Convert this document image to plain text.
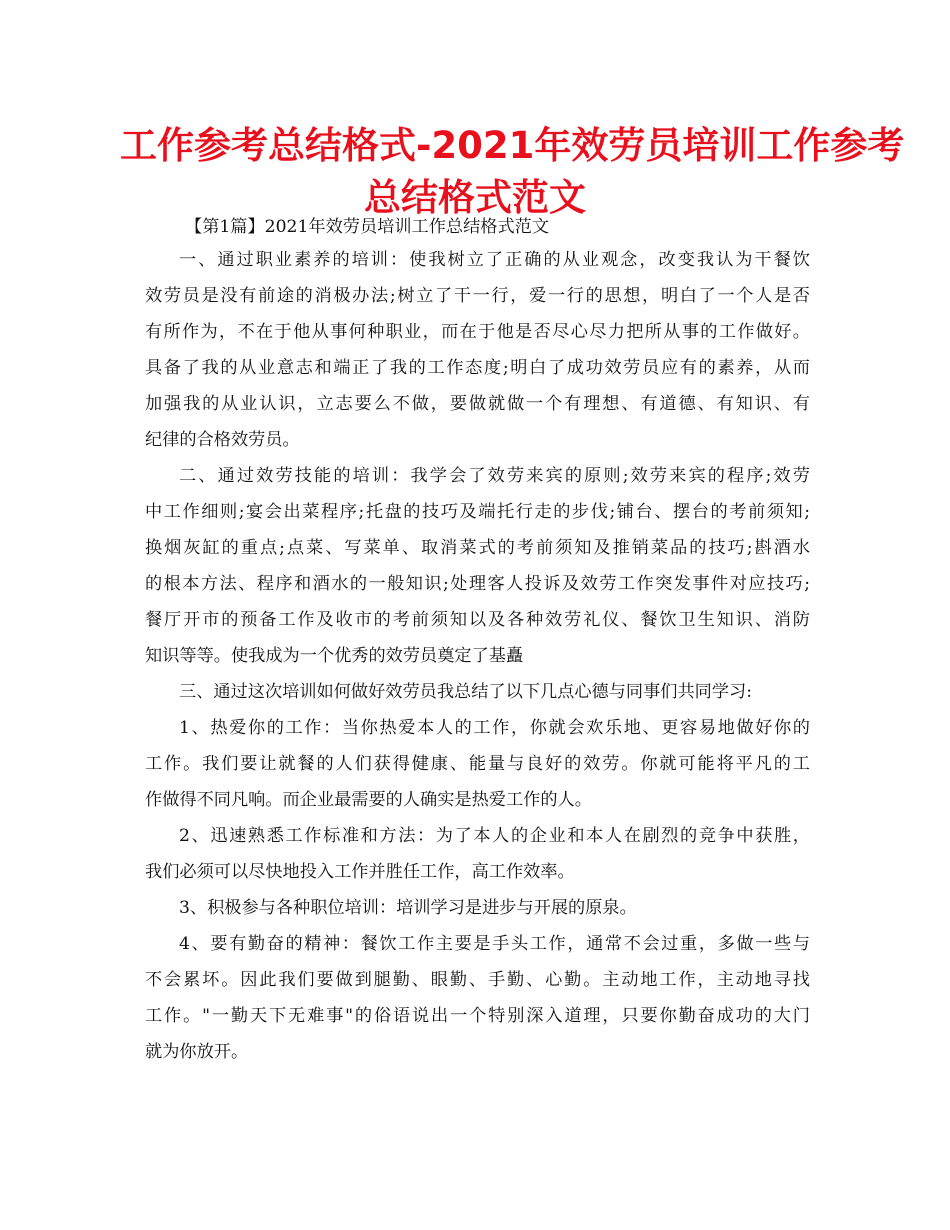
工作参考总结格式-2021年效劳员培训工作参考
总结格式范文
【第1篇】2021年效劳员培训工作总结格式范文
一、通过职业素养的培训：使我树立了正确的从业观念，改变我认为干餐饮
效劳员是没有前途的消极办法;树立了干一行，爱一行的思想，明白了一个人是否
有所作为，不在于他从事何种职业，而在于他是否尽心尽力把所从事的工作做好。
具备了我的从业意志和端正了我的工作态度;明白了成功效劳员应有的素养，从而
加强我的从业认识，立志要么不做，要做就做一个有理想、有道德、有知识、有
纪律的合格效劳员。
二、通过效劳技能的培训：我学会了效劳来宾的原则;效劳来宾的程序;效劳
中工作细则;宴会出菜程序;托盘的技巧及端托行走的步伐;铺台、摆台的考前须知;
换烟灰缸的重点;点菜、写菜单、取消菜式的考前须知及推销菜品的技巧;斟酒水
的根本方法、程序和酒水的一般知识;处理客人投诉及效劳工作突发事件对应技巧;
餐厅开市的预备工作及收市的考前须知以及各种效劳礼仪、餐饮卫生知识、消防
知识等等。使我成为一个优秀的效劳员奠定了基矗
三、通过这次培训如何做好效劳员我总结了以下几点心德与同事们共同学习:
1、热爱你的工作：当你热爱本人的工作，你就会欢乐地、更容易地做好你的
工作。我们要让就餐的人们获得健康、能量与良好的效劳。你就可能将平凡的工
作做得不同凡响。而企业最需要的人确实是热爱工作的人。
2、迅速熟悉工作标准和方法：为了本人的企业和本人在剧烈的竞争中获胜，
我们必须可以尽快地投入工作并胜任工作，高工作效率。
3、积极参与各种职位培训：培训学习是进步与开展的原泉。
4、要有勤奋的精神：餐饮工作主要是手头工作，通常不会过重，多做一些与
不会累坏。因此我们要做到腿勤、眼勤、手勤、心勤。主动地工作，主动地寻找
工作。"一勤天下无难事"的俗语说出一个特别深入道理，只要你勤奋成功的大门
就为你放开。
